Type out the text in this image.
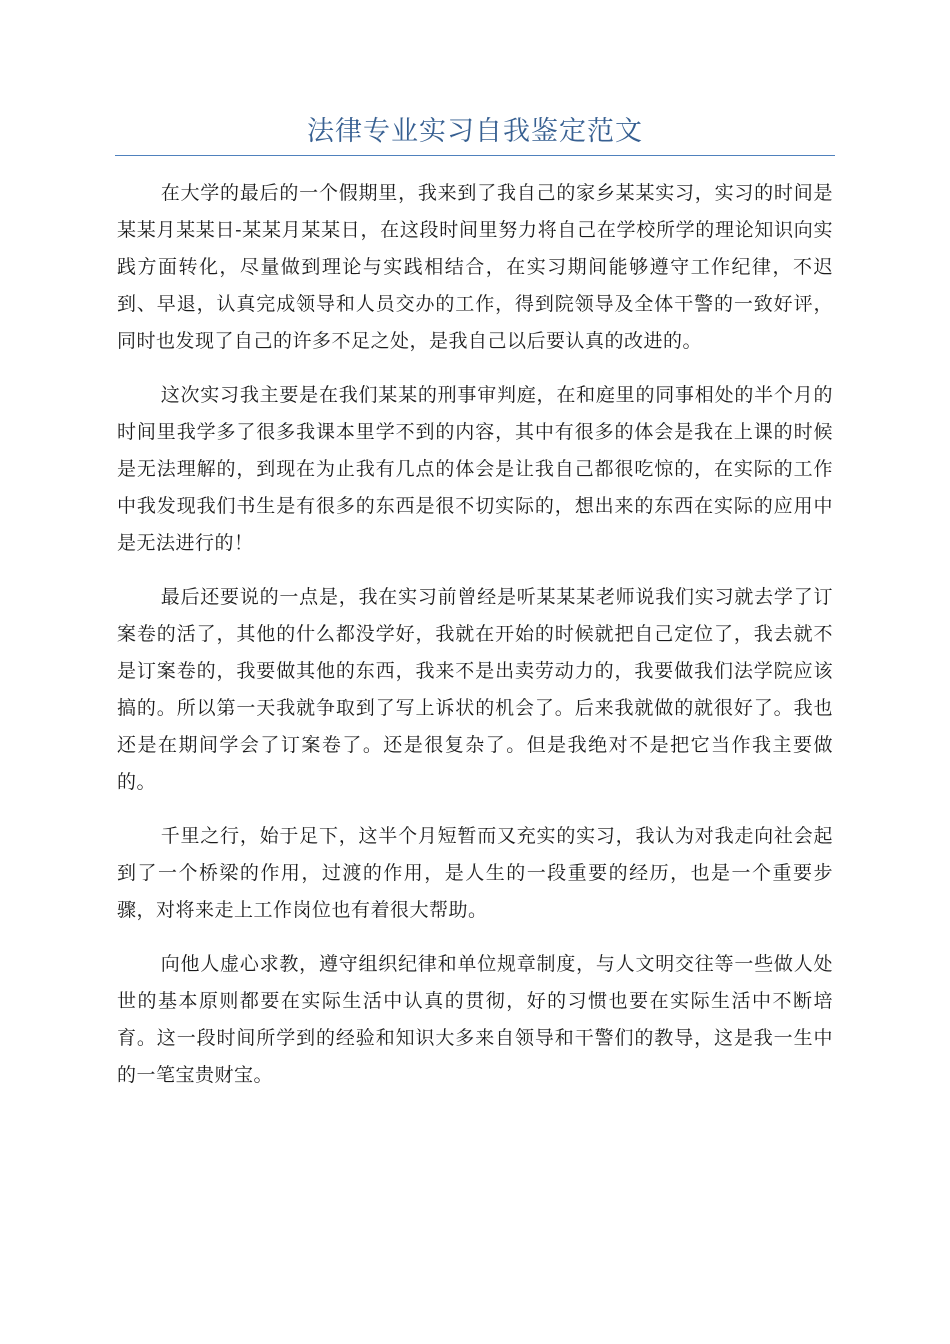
法律专业实习自我鉴定范文

在大学的最后的一个假期里，我来到了我自己的家乡某某实习，实习的时间是某某月某某日-某某月某某日，在这段时间里努力将自己在学校所学的理论知识向实践方面转化，尽量做到理论与实践相结合，在实习期间能够遵守工作纪律，不迟到、早退，认真完成领导和人员交办的工作，得到院领导及全体干警的一致好评，同时也发现了自己的许多不足之处，是我自己以后要认真的改进的。

这次实习我主要是在我们某某的刑事审判庭，在和庭里的同事相处的半个月的时间里我学多了很多我课本里学不到的内容，其中有很多的体会是我在上课的时候是无法理解的，到现在为止我有几点的体会是让我自己都很吃惊的，在实际的工作中我发现我们书生是有很多的东西是很不切实际的，想出来的东西在实际的应用中是无法进行的！

最后还要说的一点是，我在实习前曾经是听某某某老师说我们实习就去学了订案卷的活了，其他的什么都没学好，我就在开始的时候就把自己定位了，我去就不是订案卷的，我要做其他的东西，我来不是出卖劳动力的，我要做我们法学院应该搞的。所以第一天我就争取到了写上诉状的机会了。后来我就做的就很好了。我也还是在期间学会了订案卷了。还是很复杂了。但是我绝对不是把它当作我主要做的。

千里之行，始于足下，这半个月短暂而又充实的实习，我认为对我走向社会起到了一个桥梁的作用，过渡的作用，是人生的一段重要的经历，也是一个重要步骤，对将来走上工作岗位也有着很大帮助。

向他人虚心求教，遵守组织纪律和单位规章制度，与人文明交往等一些做人处世的基本原则都要在实际生活中认真的贯彻，好的习惯也要在实际生活中不断培育。这一段时间所学到的经验和知识大多来自领导和干警们的教导，这是我一生中的一笔宝贵财宝。
